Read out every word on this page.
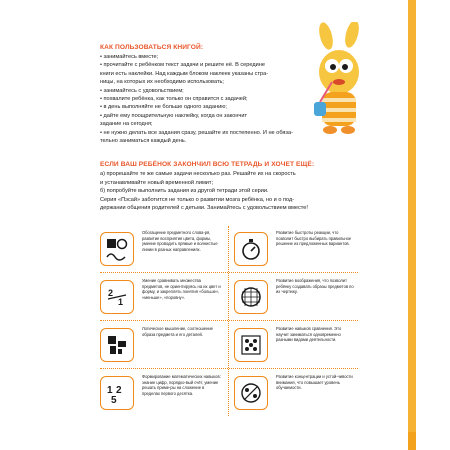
КАК ПОЛЬЗОВАТЬСЯ КНИГОЙ:

• занимайтесь вместе;

• прочитайте с ребёнком текст задачи и решите её. В середине

книги есть наклейки. Над каждым блоком наклеек указаны стра-

ницы, на которых их необходимо использовать;

• занимайтесь с удовольствием;

• похвалите ребёнка, как только он справится с задачей;

• в день выполняйте не больше одного заданию;

• дайте ему поощрительную наклейку, когда он закончит

задание на сегодня;

• не нужно делать все задания сразу, решайте их постепенно. И не обяза-

тельно заниматься каждый день.

ЕСЛИ ВАШ РЕБЁНОК ЗАКОНЧИЛ ВСЮ ТЕТРАДЬ И ХОЧЕТ ЕЩЁ:

а) прорешайте те же самые задачи несколько раз. Решайте их на скорость

и устанавливайте новый временной лимит;

б) попробуйте выполнить задания из другой тетради этой серии.

Серия «Пэсай» заботится не только о развитии мозга ребёнка, но и о под-

держании общения родителей с детьми. Занимайтесь с удовольствием вместе!

Обогащение предметного слова-ря, развитие восприятия цвета, формы, умение проводить прямые и волнистые линии в разных направлениях.
Развитие быстроты реакции, что позволит быстро выбирать правильное решение из предложенных вариантов.
2
1
Умение сравнивать множества предметов, не ориентируясь на их цвет и форму, и закреплять понятия «больше», «меньше», «поровну».
Развитие воображения, что позволит ребёнку создавать образы предметов по их чертежу.
Логическое мышление, соотношение образа предмета и его деталей.
Развитие навыков сравнения. Это научит заниматься одновременно разными видами деятельности.
1 2
5
Формирование математических навыков: знание цифр, порядко-вый счёт, умение решать приме-ры на сложение в пределах первого десятка.
Развитие концентрации и устой-чивости внимания, что повышает уровень обучаемости.
